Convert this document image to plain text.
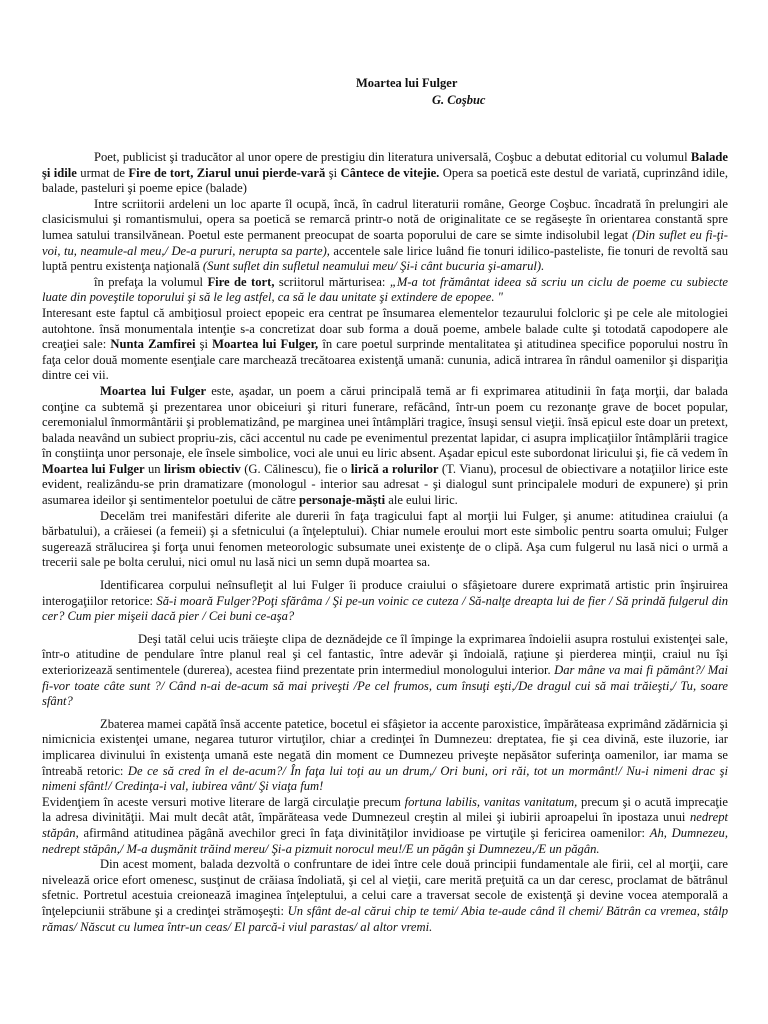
Moartea lui Fulger
G. Coşbuc

Poet, publicist şi traducător al unor opere de prestigiu din literatura universală, Coşbuc a debutat editorial cu volumul Balade şi idile urmat de Fire de tort, Ziarul unui pierde-vară şi Cântece de vitejie. Opera sa poetică este destul de variată, cuprinzând idile, balade, pasteluri şi poeme epice (balade)

Intre scriitorii ardeleni un loc aparte îl ocupă, încă, în cadrul literaturii române, George Coşbuc. încadrată în prelungiri ale clasicismului şi romantismului, opera sa poetică se remarcă printr-o notă de originalitate ce se regăseşte în orientarea constantă spre lumea satului transilvănean. Poetul este permanent preocupat de soarta poporului de care se simte indisolubil legat (Din suflet eu fi-ţi-voi, tu, neamule-al meu,/ De-a pururi, nerupta sa parte), accentele sale lirice luând fie tonuri idilico-pasteliste, fie tonuri de revoltă sau luptă pentru existenţa naţională (Sunt suflet din sufletul neamului meu/ Şi-i cânt bucuria şi-amarul).

în prefaţa la volumul Fire de tort, scriitorul mărturisea: „M-a tot frământat ideea să scriu un ciclu de poeme cu subiecte luate din poveştile toporului şi să le leg astfel, ca să le dau unitate şi extindere de epopee. "

Interesant este faptul că ambiţiosul proiect epopeic era centrat pe însumarea elementelor tezaurului folcloric şi pe cele ale mitologiei autohtone. însă monumentala intenţie s-a concretizat doar sub forma a două poeme, ambele balade culte şi totodată capodopere ale creaţiei sale: Nunta Zamfirei şi Moartea lui Fulger, în care poetul surprinde mentalitatea şi atitudinea specifice poporului nostru în faţa celor două momente esenţiale care marchează trecătoarea existenţă umană: cununia, adică intrarea în rândul oamenilor şi dispariţia dintre cei vii.

Moartea lui Fulger este, aşadar, un poem a cărui principală temă ar fi exprimarea atitudinii în faţa morţii, dar balada conţine ca subtemă şi prezentarea unor obiceiuri şi rituri funerare, refăcând, într-un poem cu rezonanţe grave de bocet popular, ceremonialul înmormântării şi problematizând, pe marginea unei întâmplări tragice, însuşi sensul vieţii. însă epicul este doar un pretext, balada neavând un subiect propriu-zis, căci accentul nu cade pe evenimentul prezentat lapidar, ci asupra implicaţiilor întâmplării tragice în conştiinţa unor personaje, ele însele simbolice, voci ale unui eu liric absent. Aşadar epicul este subordonat liricului şi, fie că vedem în Moartea lui Fulger un lirism obiectiv (G. Călinescu), fie o lirică a rolurilor (T. Vianu), procesul de obiectivare a notaţiilor lirice este evident, realizându-se prin dramatizare (monologul - interior sau adresat - şi dialogul sunt principalele moduri de expunere) şi prin asumarea ideilor şi sentimentelor poetului de către personaje-măşti ale eului liric.

Decelăm trei manifestări diferite ale durerii în faţa tragicului fapt al morţii lui Fulger, şi anume: atitudinea craiului (a bărbatului), a crăiesei (a femeii) şi a sfetnicului (a înţeleptului). Chiar numele eroului mort este simbolic pentru soarta omului; Fulger sugerează strălucirea şi forţa unui fenomen meteorologic subsumate unei existenţe de o clipă. Aşa cum fulgerul nu lasă nici o urmă a trecerii sale pe bolta cerului, nici omul nu lasă nici un semn după moartea sa.

Identificarea corpului neînsufleţit al lui Fulger îi produce craiului o sfâşietoare durere exprimată artistic prin înşiruirea interogaţiilor retorice: Să-i moară Fulger?Poţi sfărâma / Şi pe-un voinic ce cuteza / Să-nalţe dreapta lui de fier / Să prindă fulgerul din cer? Cum pier mişeii dacă pier / Cei buni ce-aşa?

Deşi tatăl celui ucis trăieşte clipa de deznădejde ce îl împinge la exprimarea îndoielii asupra rostului existenţei sale, într-o atitudine de pendulare între planul real şi cel fantastic, între adevăr şi îndoială, raţiune şi pierderea minţii, craiul nu îşi exteriorizează sentimentele (durerea), acestea fiind prezentate prin intermediul monologului interior. Dar mâne va mai fi pământ?/ Mai fi-vor toate câte sunt ?/ Când n-ai de-acum să mai priveşti /Pe cel frumos, cum însuţi eşti,/De dragul cui să mai trăieşti,/ Tu, soare sfânt?

Zbaterea mamei capătă însă accente patetice, bocetul ei sfâşietor ia accente paroxistice, împărăteasa exprimând zădărnicia şi nimicnicia existenţei umane, negarea tuturor virtuţilor, chiar a credinţei în Dumnezeu: dreptatea, fie şi cea divină, este iluzorie, iar implicarea divinului în existenţa umană este negată din moment ce Dumnezeu priveşte nepăsător suferinţa oamenilor, iar mama se întreabă retoric: De ce să cred în el de-acum?/ În faţa lui toţi au un drum,/ Ori buni, ori răi, tot un mormânt!/ Nu-i nimeni drac şi nimeni sfânt!/ Credinţa-i val, iubirea vânt/ Şi viaţa fum!

Evidenţiem în aceste versuri motive literare de largă circulaţie precum fortuna labilis, vanitas vanitatum, precum şi o acută imprecaţie la adresa divinităţii. Mai mult decât atât, împărăteasa vede Dumnezeul creştin al milei şi iubirii aproapelui în ipostaza unui nedrept stăpân, afirmând atitudinea păgână avechilor greci în faţa divinităţilor invidioase pe virtuţile şi fericirea oamenilor: Ah, Dumnezeu, nedrept stăpân,/ M-a duşmănit trăind mereu/ Şi-a pizmuit norocul meu!/E un păgân şi Dumnezeu,/E un păgân.

Din acest moment, balada dezvoltă o confruntare de idei între cele două principii fundamentale ale firii, cel al morţii, care nivelează orice efort omenesc, susţinut de crăiasa îndoliată, şi cel al vieţii, care merită preţuită ca un dar ceresc, proclamat de bătrânul sfetnic. Portretul acestuia creionează imaginea înţeleptului, a celui care a traversat secole de existenţă şi devine vocea atemporală a înţelepciunii străbune şi a credinţei strămoşeşti: Un sfânt de-al cărui chip te temi/ Abia te-aude când îl chemi/ Bătrân ca vremea, stâlp rămas/ Născut cu lumea într-un ceas/ El parcă-i viul parastas/ al altor vremi.
